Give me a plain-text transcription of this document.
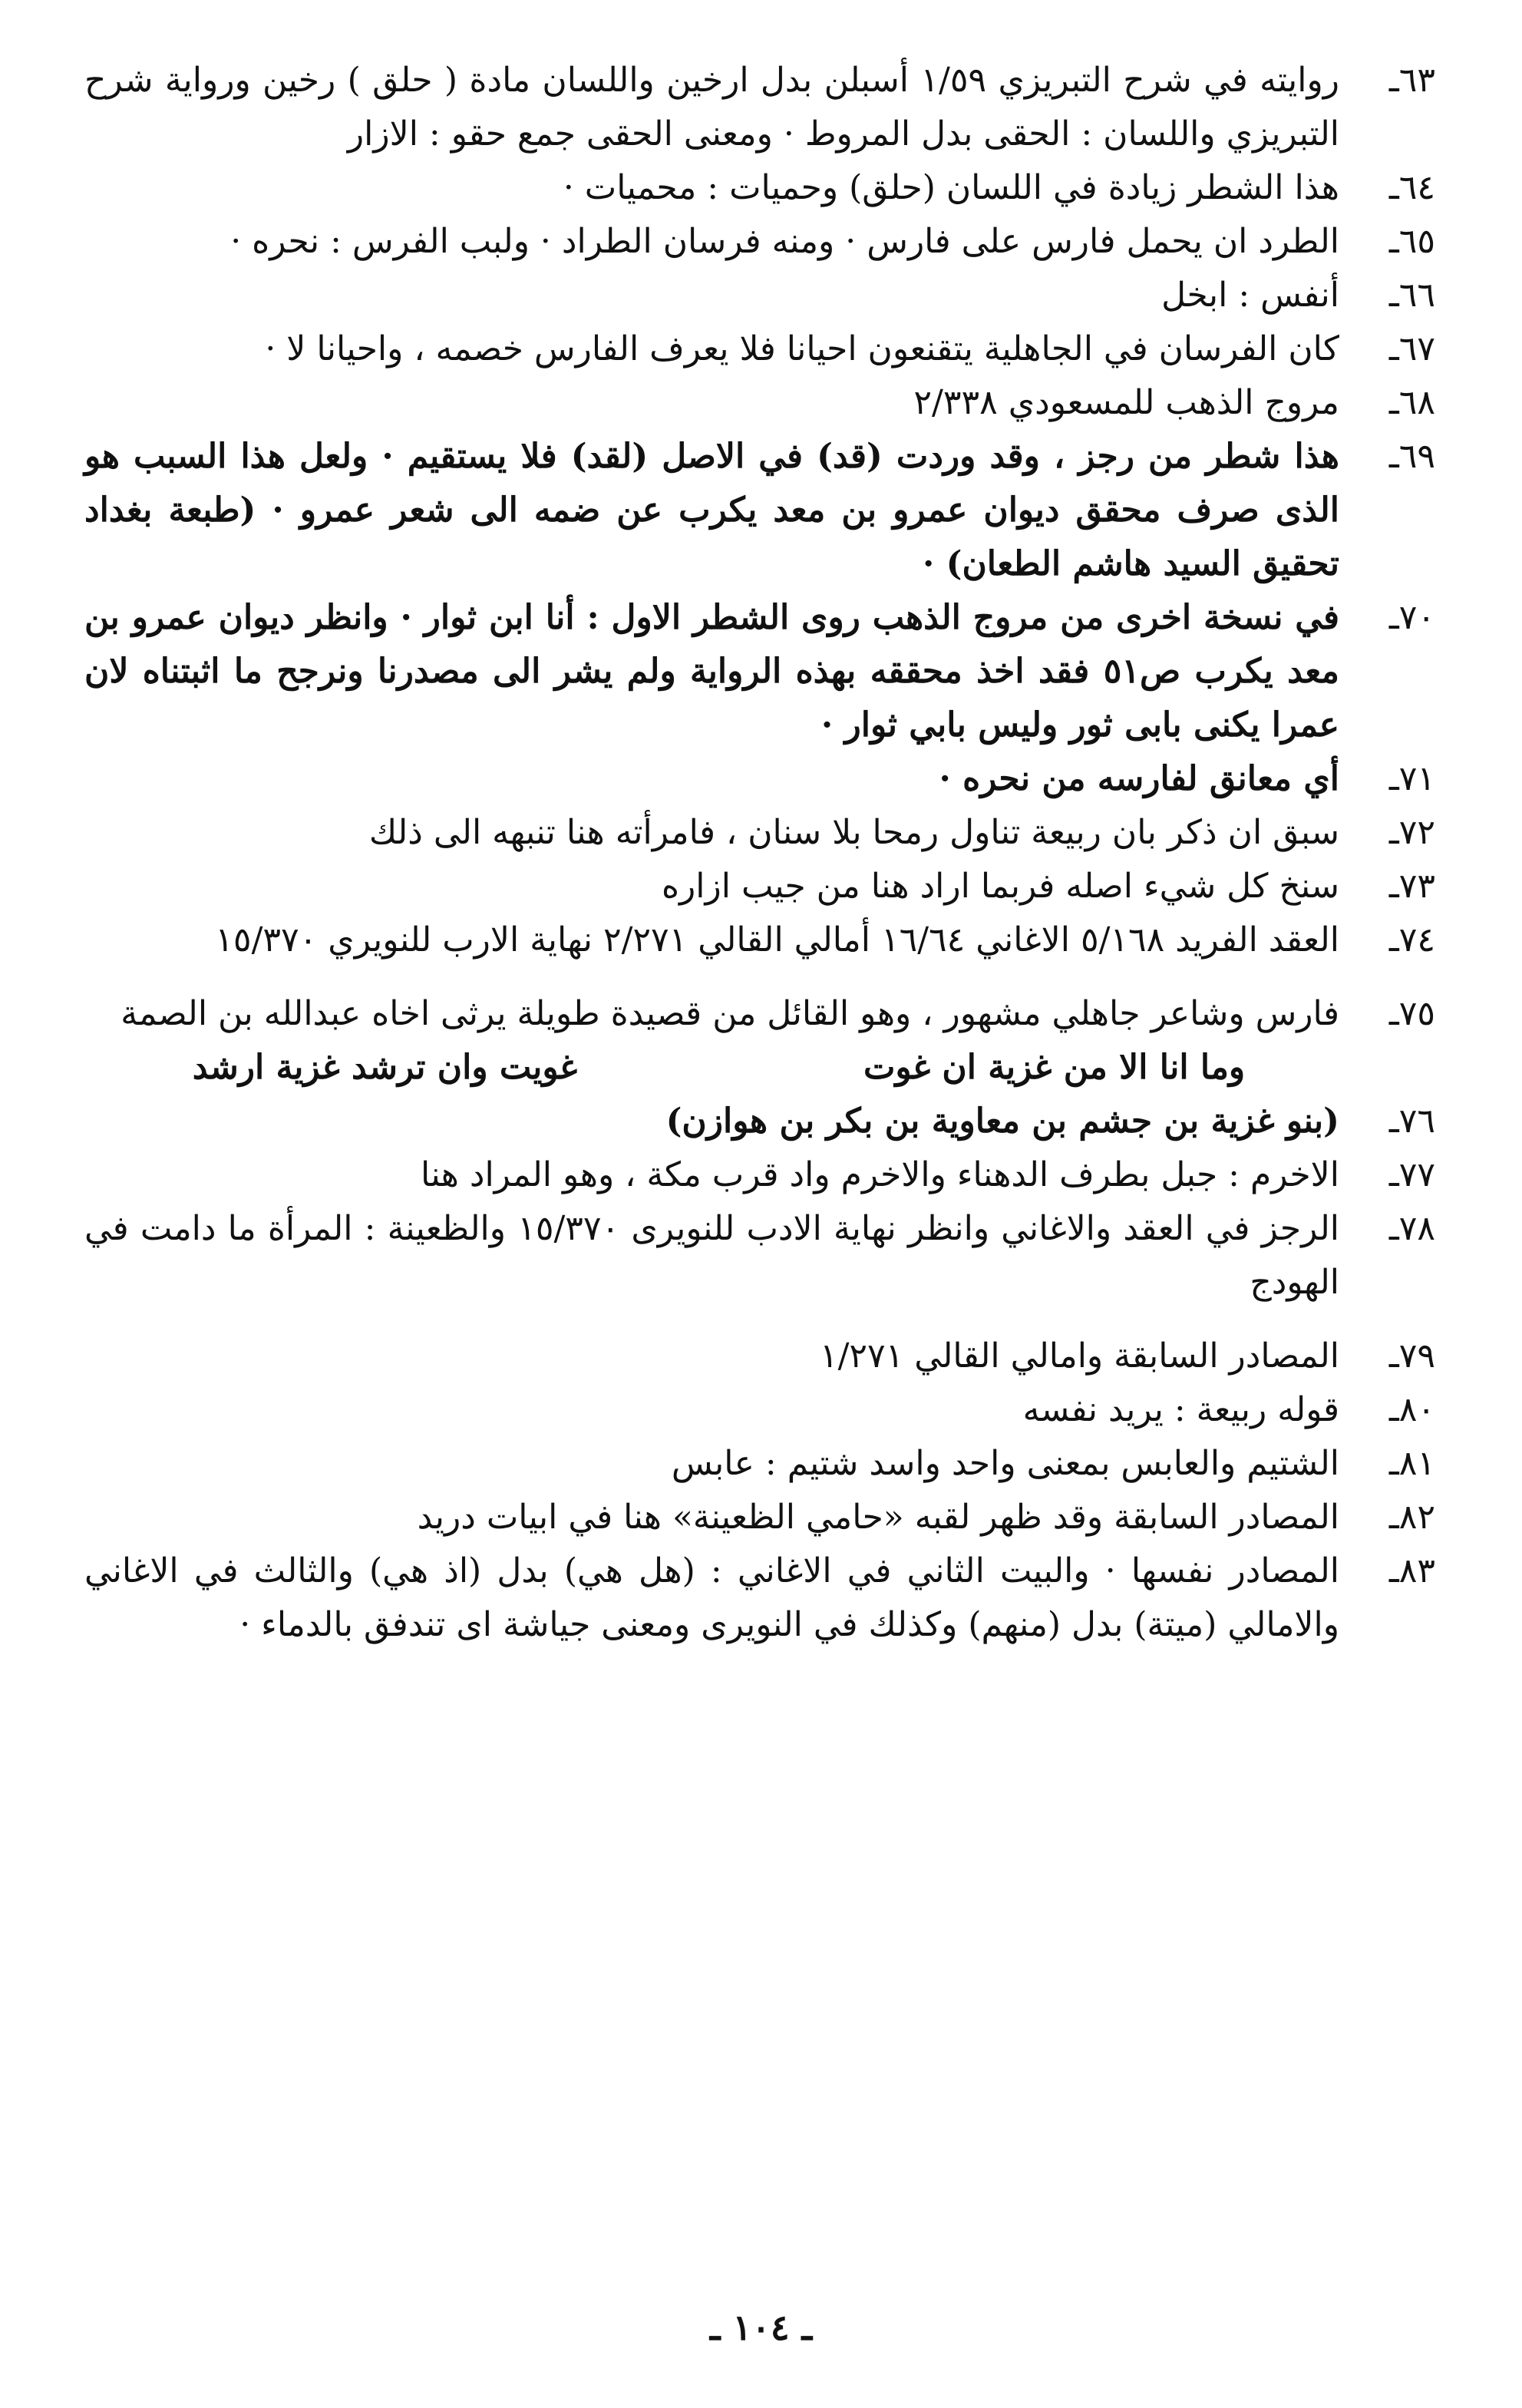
٦٣ـ
روايته في شرح التبريزي ١/٥٩ أسبلن بدل ارخين واللسان مادة ( حلق ) رخين ورواية شرح التبريزي واللسان : الحقى بدل المروط · ومعنى الحقى جمع حقو : الازار
٦٤ـ
هذا الشطر زيادة في اللسان (حلق) وحميات : محميات ·
٦٥ـ
الطرد ان يحمل فارس على فارس · ومنه فرسان الطراد · ولبب الفرس : نحره ·
٦٦ـ
أنفس : ابخل
٦٧ـ
كان الفرسان في الجاهلية يتقنعون احيانا فلا يعرف الفارس خصمه ، واحيانا لا ·
٦٨ـ
مروج الذهب للمسعودي ٢/٣٣٨
٦٩ـ
هذا شطر من رجز ، وقد وردت (قد) في الاصل (لقد) فلا يستقيم · ولعل هذا السبب هو الذى صرف محقق ديوان عمرو بن معد يكرب عن ضمه الى شعر عمرو · (طبعة بغداد تحقيق السيد هاشم الطعان) ·
٧٠ـ
في نسخة اخرى من مروج الذهب روى الشطر الاول : أنا ابن ثوار · وانظر ديوان عمرو بن معد يكرب ص٥١ فقد اخذ محققه بهذه الرواية ولم يشر الى مصدرنا ونرجح ما اثبتناه لان عمرا يكنى بابى ثور وليس بابي ثوار ·
٧١ـ
أي معانق لفارسه من نحره ·
٧٢ـ
سبق ان ذكر بان ربيعة تناول رمحا بلا سنان ، فامرأته هنا تنبهه الى ذلك
٧٣ـ
سنخ كل شيء اصله فربما اراد هنا من جيب ازاره
٧٤ـ
العقد الفريد ٥/١٦٨ الاغاني ١٦/٦٤ أمالي القالي ٢/٢٧١ نهاية الارب للنويري ١٥/٣٧٠
٧٥ـ
فارس وشاعر جاهلي مشهور ، وهو القائل من قصيدة طويلة يرثى اخاه عبدالله بن الصمة
وما انا الا من غزية ان غوت
غويت وان ترشد غزية ارشد
٧٦ـ
(بنو غزية بن جشم بن معاوية بن بكر بن هوازن)
٧٧ـ
الاخرم : جبل بطرف الدهناء والاخرم واد قرب مكة ، وهو المراد هنا
٧٨ـ
الرجز في العقد والاغاني وانظر نهاية الادب للنويرى ١٥/٣٧٠ والظعينة : المرأة ما دامت في الهودج
٧٩ـ
المصادر السابقة وامالي القالي ١/٢٧١
٨٠ـ
قوله ربيعة : يريد نفسه
٨١ـ
الشتيم والعابس بمعنى واحد واسد شتيم : عابس
٨٢ـ
المصادر السابقة وقد ظهر لقبه «حامي الظعينة» هنا في ابيات دريد
٨٣ـ
المصادر نفسها · والبيت الثاني في الاغاني : (هل هي) بدل (اذ هي) والثالث في الاغاني والامالي (ميتة) بدل (منهم) وكذلك في النويرى ومعنى جياشة اى تندفق بالدماء ·
ـ ١٠٤ ـ
